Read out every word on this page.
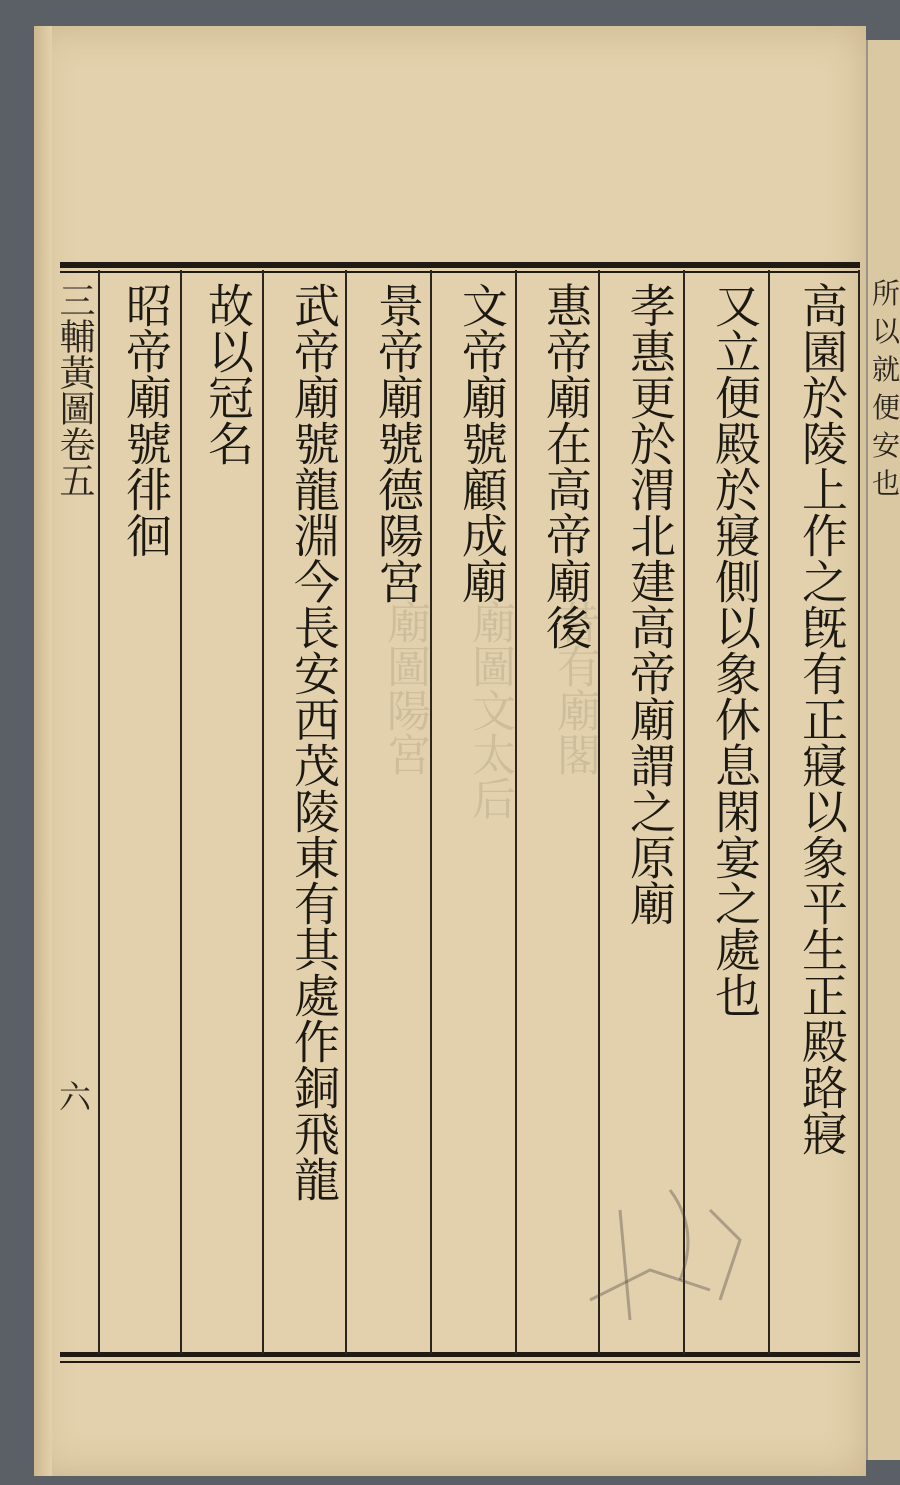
所以就便安也
廟圖陽宮 廟圖文太后 昔有廟閣
三輔黃圖卷五
六	高園於陵上作之旣有正寢以象平生正殿路寢
又立便殿於寢側以象休息閑宴之處也
孝惠更於渭北建高帝廟謂之原廟
惠帝廟在高帝廟後
文帝廟號顧成廟
景帝廟號德陽宮
武帝廟號龍淵今長安西茂陵東有其處作銅飛龍
故以冠名
昭帝廟號徘徊
